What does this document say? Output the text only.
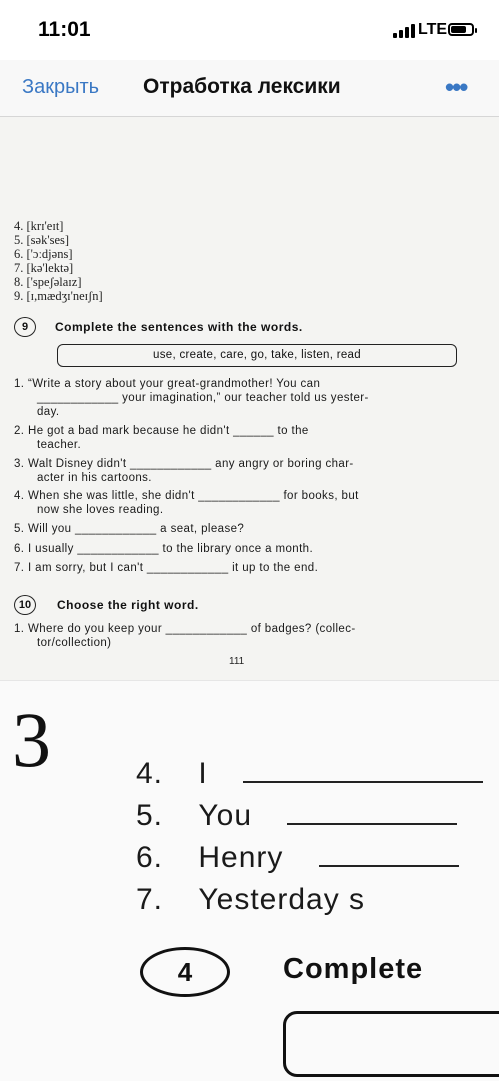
11:01	LTE
Закрыть Отработка лексики	•••
4. [krɪ'eɪt]
5. [sək'ses]
6. ['ɔːdjəns]
7. [kə'lektə]
8. ['speʃəlaɪz]
9. [ɪ,mædʒɪ'neɪʃn]
9	Complete the sentences with the words.
use, create, care, go, take, listen, read
1. “Write a story about your great-grandmother! You can
____________ your imagination,” our teacher told us yester-
day.
2. He got a bad mark because he didn't ______ to the
teacher.
3. Walt Disney didn't ____________ any angry or boring char-
acter in his cartoons.
4. When she was little, she didn't ____________ for books, but
now she loves reading.
5. Will you ____________ a seat, please?
6. I usually ____________ to the library once a month.
7. I am sorry, but I can't ____________ it up to the end.
10	Choose the right word.
1. Where do you keep your ____________ of badges? (collec-
tor/collection)
111
3	4. I
5. You
6. Henry
7. Yesterday s
4	Complete
